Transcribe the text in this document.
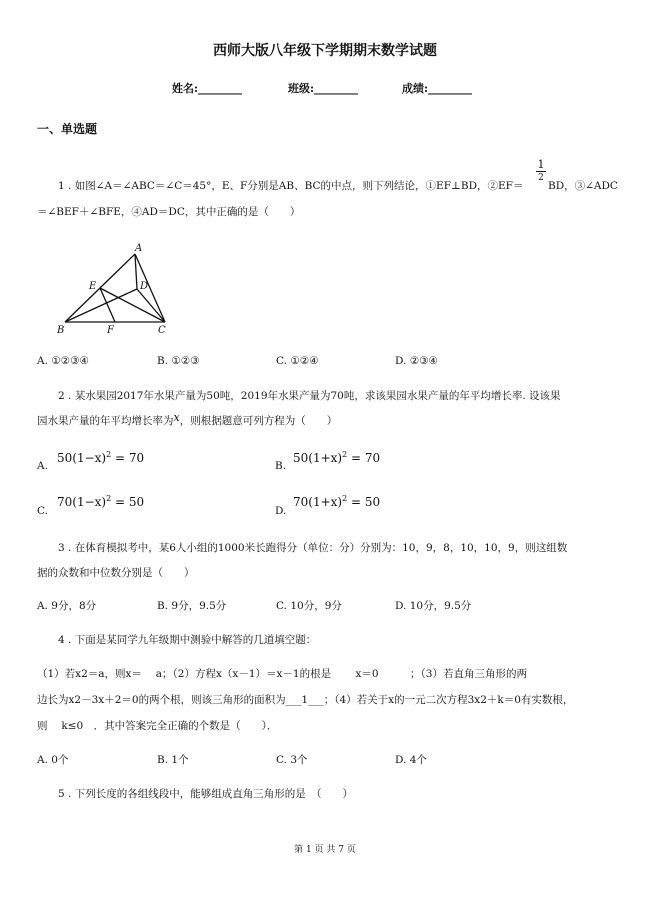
西师大版八年级下学期期末数学试题
姓名:________	班级:________	成绩:________
一、单选题
1 . 如图∠A＝∠ABC＝∠C＝45°，E、F分别是AB、BC的中点，则下列结论，①EF⊥BD，②EF＝
1
2
BD，③∠ADC
＝∠BEF＋∠BFE，④AD＝DC，其中正确的是（　　）
A
B	C
D
E
F
A. ①②③④	B. ①②③	C. ①②④	D. ②③④
2 . 某水果园2017年水果产量为50吨，2019年水果产量为70吨，求该果园水果产量的年平均增长率. 设该果
园水果产量的年平均增长率为x，则根据题意可列方程为（　　）
A.
$50(1-x)^2 = 70$
B.
$50(1+x)^2 = 70$
C.
$70(1-x)^2 = 50$
D.
$70(1+x)^2 = 50$
3 . 在体育模拟考中，某6人小组的1000米长跑得分（单位：分）分别为：10，9，8，10，10，9，则这组数
据的众数和中位数分别是（　　）
A. 9分，8分	B. 9分，9.5分	C. 10分，9分	D. 10分，9.5分
4 . 下面是某同学九年级期中测验中解答的几道填空题：
（1）若x2＝a，则x＝　 a；（2）方程x（x－1）＝x－1的根是　　 x＝0　　　；（3）若直角三角形的两
边长为x2－3x＋2＝0的两个根，则该三角形的面积为___1___；（4）若关于x的一元二次方程3x2＋k＝0有实数根，
则　 k≤0　．其中答案完全正确的个数是（　　）．
A. 0个	B. 1个	C. 3个	D. 4个
5 . 下列长度的各组线段中，能够组成直角三角形的是　（　　）
第 1 页 共 7 页
